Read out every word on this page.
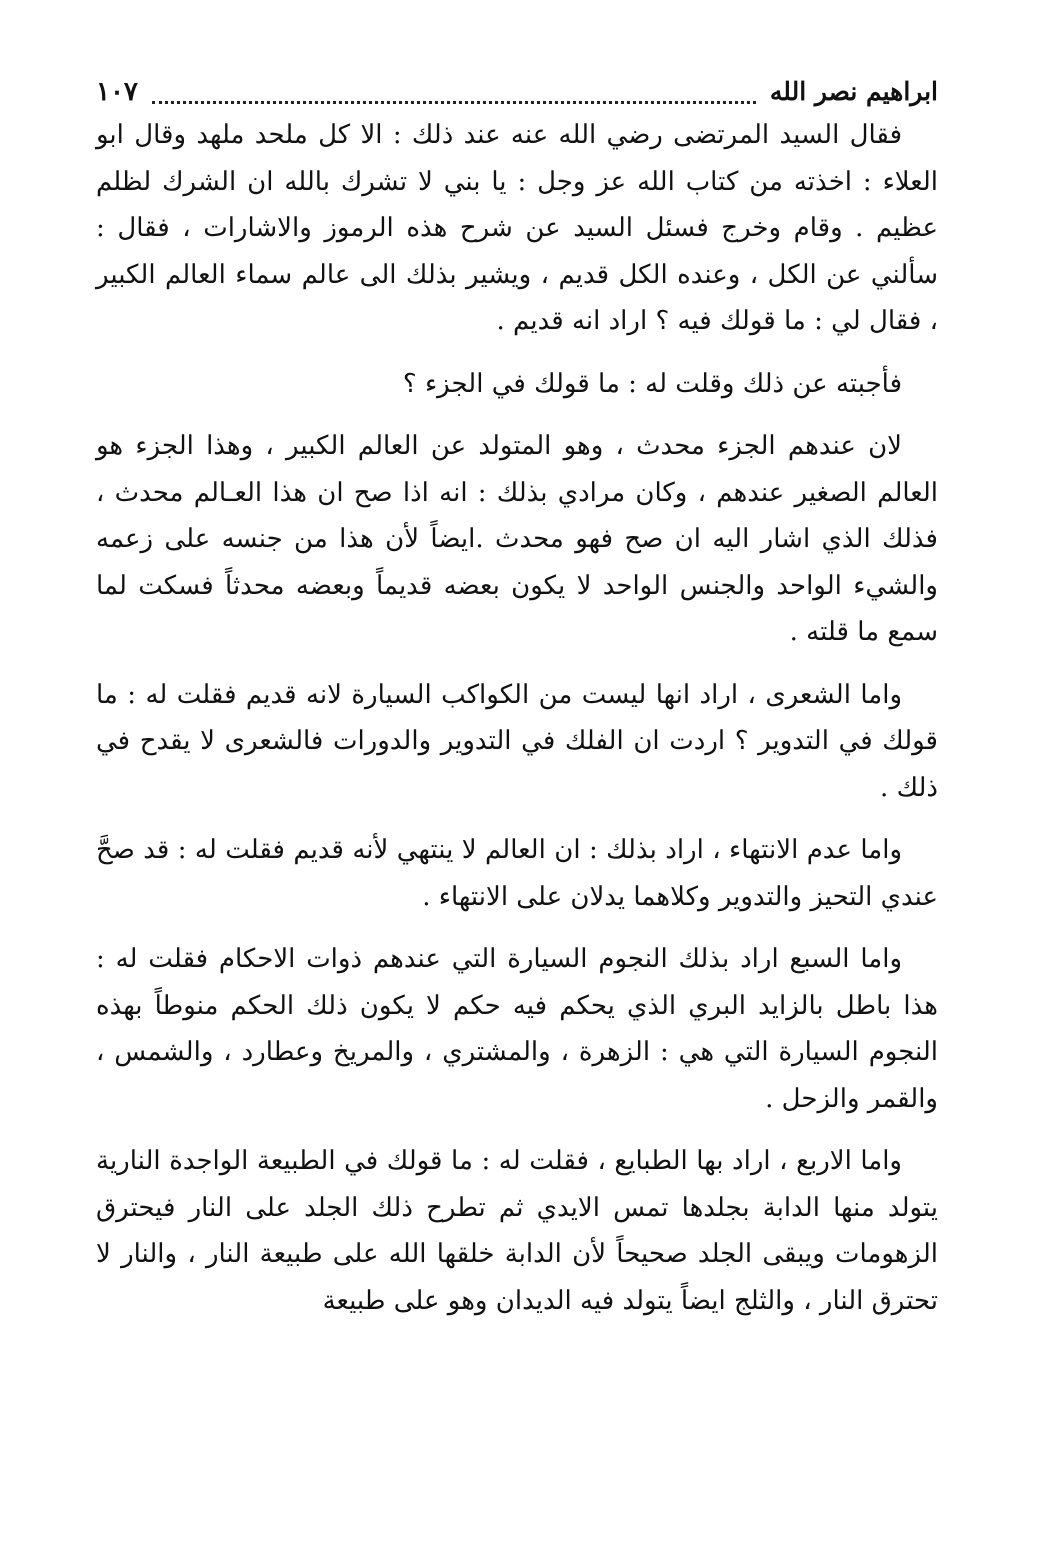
ابراهيم نصر الله
١٠٧

فقال السيد المرتضى رضي الله عنه عند ذلك : الا كل ملحد ملهد وقال ابو العلاء : اخذته من كتاب الله عز وجل : يا بني لا تشرك بالله ان الشرك لظلم عظيم . وقام وخرج فسئل السيد عن شرح هذه الرموز والاشارات ، فقال : سألني عن الكل ، وعنده الكل قديم ، ويشير بذلك الى عالم سماء العالم الكبير ، فقال لي : ما قولك فيه ؟ اراد انه قديم .

فأجبته عن ذلك وقلت له : ما قولك في الجزء ؟

لان عندهم الجزء محدث ، وهو المتولد عن العالم الكبير ، وهذا الجزء هو العالم الصغير عندهم ، وكان مرادي بذلك : انه اذا صح ان هذا العـالم محدث ، فذلك الذي اشار اليه ان صح فهو محدث .ايضاً لأن هذا من جنسه على زعمه والشيء الواحد والجنس الواحد لا يكون بعضه قديماً وبعضه محدثاً فسكت لما سمع ما قلته .

واما الشعرى ، اراد انها ليست من الكواكب السيارة لانه قديم فقلت له : ما قولك في التدوير ؟ اردت ان الفلك في التدوير والدورات فالشعرى لا يقدح في ذلك .

واما عدم الانتهاء ، اراد بذلك : ان العالم لا ينتهي لأنه قديم فقلت له : قد صحَّ عندي التحيز والتدوير وكلاهما يدلان على الانتهاء .

واما السبع اراد بذلك النجوم السيارة التي عندهم ذوات الاحكام فقلت له : هذا باطل بالزايد البري الذي يحكم فيه حكم لا يكون ذلك الحكم منوطاً بهذه النجوم السيارة التي هي : الزهرة ، والمشتري ، والمريخ وعطارد ، والشمس ، والقمر والزحل .

واما الاربع ، اراد بها الطبايع ، فقلت له : ما قولك في الطبيعة الواجدة النارية يتولد منها الدابة بجلدها تمس الايدي ثم تطرح ذلك الجلد على النار فيحترق الزهومات ويبقى الجلد صحيحاً لأن الدابة خلقها الله على طبيعة النار ، والنار لا تحترق النار ، والثلج ايضاً يتولد فيه الديدان وهو على طبيعة
